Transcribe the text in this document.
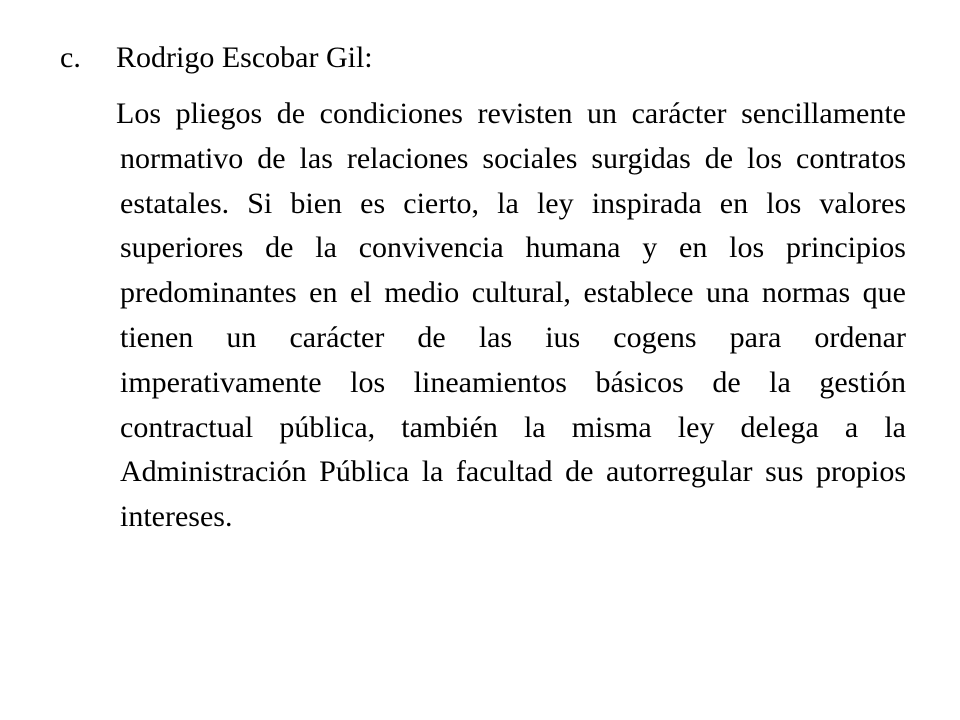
c. Rodrigo Escobar Gil:

Los pliegos de condiciones revisten un carácter sencillamente normativo de las relaciones sociales surgidas de los contratos estatales. Si bien es cierto, la ley inspirada en los valores superiores de la convivencia humana y en los principios predominantes en el medio cultural, establece una normas que tienen un carácter de las ius cogens para ordenar imperativamente los lineamientos básicos de la gestión contractual pública, también la misma ley delega a la Administración Pública la facultad de autorregular sus propios intereses.
